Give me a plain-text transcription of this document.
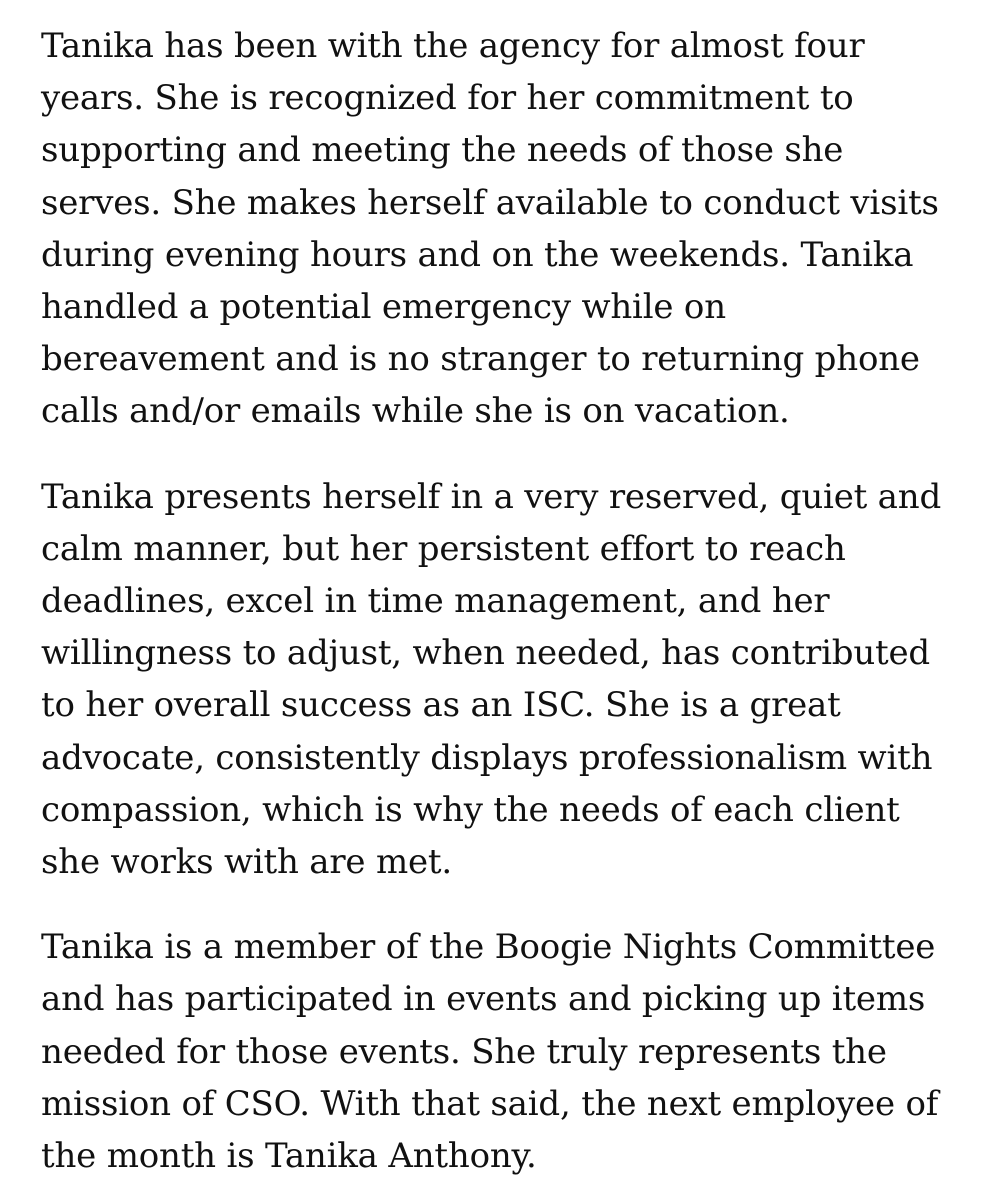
Tanika has been with the agency for almost four
years. She is recognized for her commitment to
supporting and meeting the needs of those she
serves. She makes herself available to conduct visits
during evening hours and on the weekends. Tanika
handled a potential emergency while on
bereavement and is no stranger to returning phone
calls and/or emails while she is on vacation.

Tanika presents herself in a very reserved, quiet and
calm manner, but her persistent effort to reach
deadlines, excel in time management, and her
willingness to adjust, when needed, has contributed
to her overall success as an ISC. She is a great
advocate, consistently displays professionalism with
compassion, which is why the needs of each client
she works with are met.

Tanika is a member of the Boogie Nights Committee
and has participated in events and picking up items
needed for those events. She truly represents the
mission of CSO. With that said, the next employee of
the month is Tanika Anthony.
